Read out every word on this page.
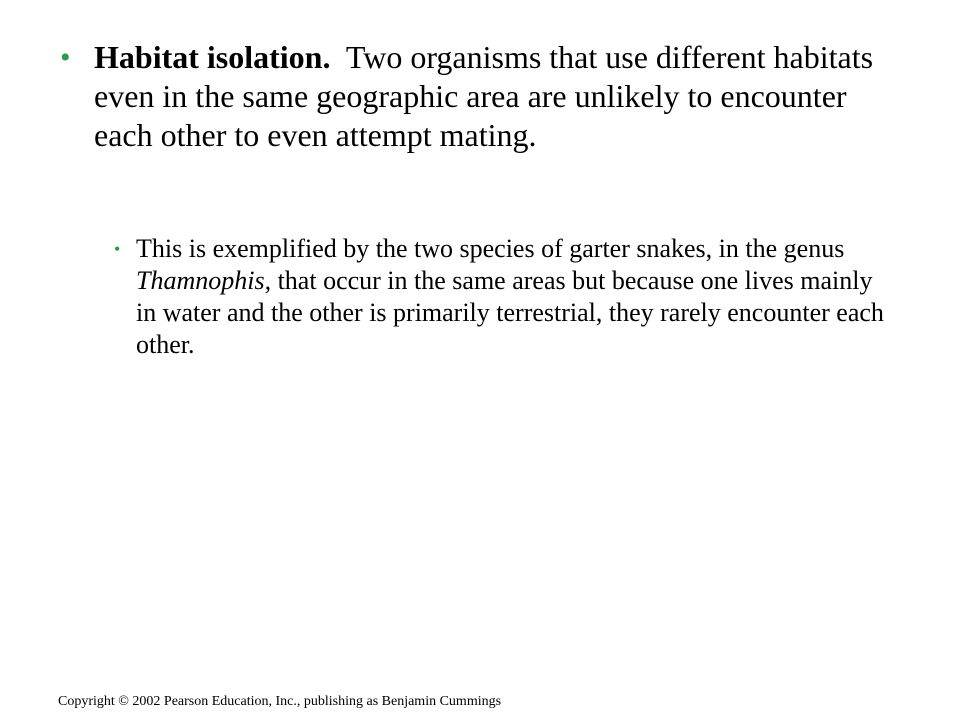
• Habitat isolation. Two organisms that use different habitats even in the same geographic area are unlikely to encounter each other to even attempt mating.
• This is exemplified by the two species of garter snakes, in the genus Thamnophis, that occur in the same areas but because one lives mainly in water and the other is primarily terrestrial, they rarely encounter each other.
Copyright © 2002 Pearson Education, Inc., publishing as Benjamin Cummings
